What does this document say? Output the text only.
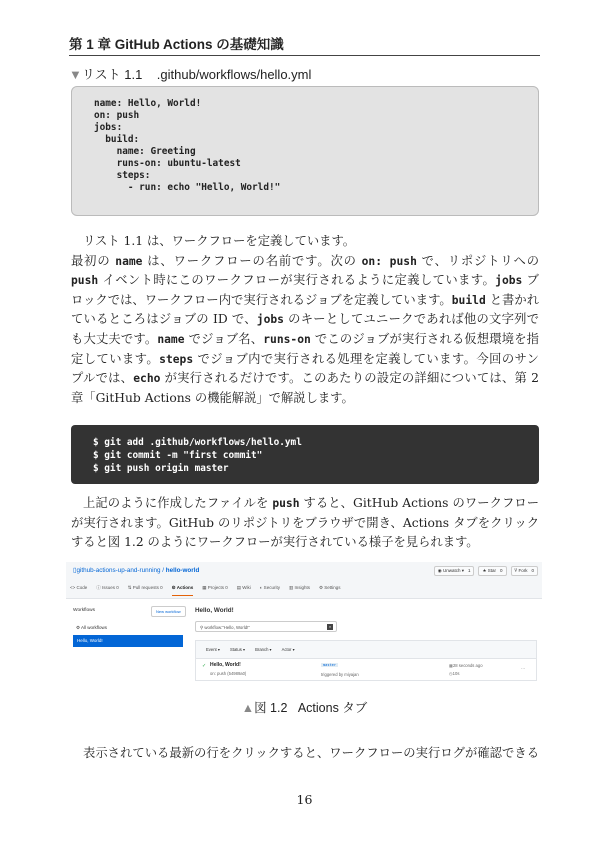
第 1 章 GitHub Actions の基礎知識
▼リスト 1.1 .github/workflows/hello.yml
name: Hello, World!
on: push
jobs:
build:
name: Greeting
runs-on: ubuntu-latest
steps:
- run: echo "Hello, World!"
リスト 1.1 は、ワークフローを定義しています。
最初の name は、ワークフローの名前です。次の on: push で、リポジトリへの
push イベント時にこのワークフローが実行されるように定義しています。jobs ブ
ロックでは、ワークフロー内で実行されるジョブを定義しています。build と書かれ
ているところはジョブの ID で、jobs のキーとしてユニークであれば他の文字列で
も大丈夫です。name でジョブ名、runs-on でこのジョブが実行される仮想環境を指
定しています。steps でジョブ内で実行される処理を定義しています。今回のサン
プルでは、echo が実行されるだけです。このあたりの設定の詳細については、第 2
章「GitHub Actions の機能解説」で解説します。
$ git add .github/workflows/hello.yml
$ git commit -m "first commit"
$ git push origin master
上記のように作成したファイルを push すると、GitHub Actions のワークフロー
が実行されます。GitHub のリポジトリをブラウザで開き、Actions タブをクリック
すると図 1.2 のようにワークフローが実行されている様子を見られます。
▯github-actions-up-and-running / hello-world	◉ Unwatch ▾ 1	★ Star 0	Ⴤ Fork 0
<> Code ⓘ Issues 0 ⇅ Pull requests 0 ⚙ Actions ▦ Projects 0 ▤ Wiki ◐ Security ▥ Insights ⚙ Settings
Workflows	New workflow
⚙ All workflows
Hello, World!
Hello, World!
⚲ workflow:"Hello, World!"	×
Event ▾ Status ▾ Branch ▾ Actor ▾
✓ Hello, World!
on: push (54989a0)
master
triggered by miyajan
▦28 seconds ago
◷10s
···
▲図 1.2 Actions タブ
表示されている最新の行をクリックすると、ワークフローの実行ログが確認できる
16
